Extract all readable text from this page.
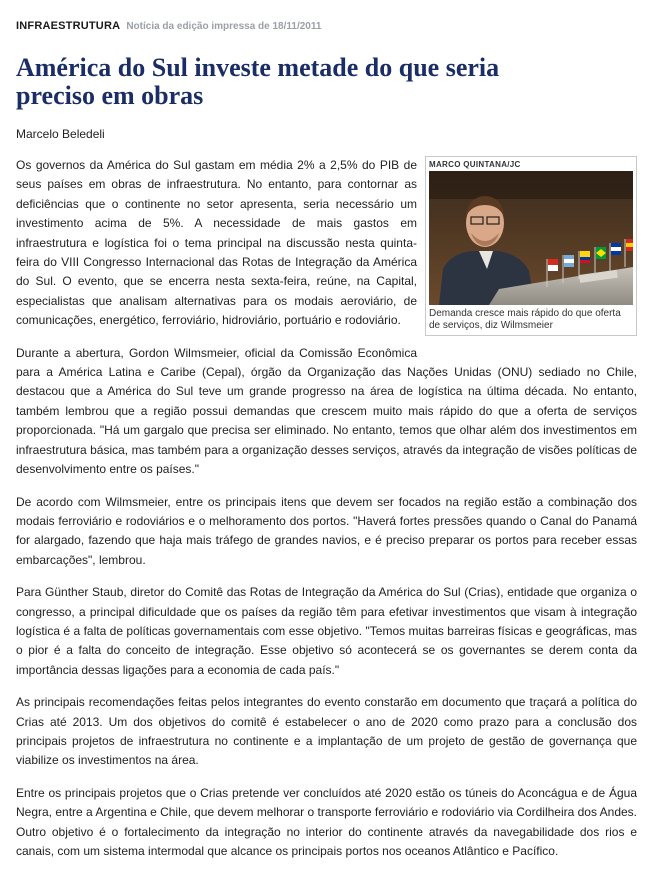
INFRAESTRUTURA Notícia da edição impressa de 18/11/2011
América do Sul investe metade do que seria preciso em obras
Marcelo Beledeli
MARCO QUINTANA/JC
Demanda cresce mais rápido do que oferta de serviços, diz Wilmsmeier

Os governos da América do Sul gastam em média 2% a 2,5% do PIB de seus países em obras de infraestrutura. No entanto, para contornar as deficiências que o continente no setor apresenta, seria necessário um investimento acima de 5%. A necessidade de mais gastos em infraestrutura e logística foi o tema principal na discussão nesta quinta-feira do VIII Congresso Internacional das Rotas de Integração da América do Sul. O evento, que se encerra nesta sexta-feira, reúne, na Capital, especialistas que analisam alternativas para os modais aeroviário, de comunicações, energético, ferroviário, hidroviário, portuário e rodoviário.

Durante a abertura, Gordon Wilmsmeier, oficial da Comissão Econômica para a América Latina e Caribe (Cepal), órgão da Organização das Nações Unidas (ONU) sediado no Chile, destacou que a América do Sul teve um grande progresso na área de logística na última década. No entanto, também lembrou que a região possui demandas que crescem muito mais rápido do que a oferta de serviços proporcionada. "Há um gargalo que precisa ser eliminado. No entanto, temos que olhar além dos investimentos em infraestrutura básica, mas também para a organização desses serviços, através da integração de visões políticas de desenvolvimento entre os países."

De acordo com Wilmsmeier, entre os principais itens que devem ser focados na região estão a combinação dos modais ferroviário e rodoviários e o melhoramento dos portos. "Haverá fortes pressões quando o Canal do Panamá for alargado, fazendo que haja mais tráfego de grandes navios, e é preciso preparar os portos para receber essas embarcações", lembrou.

Para Günther Staub, diretor do Comitê das Rotas de Integração da América do Sul (Crias), entidade que organiza o congresso, a principal dificuldade que os países da região têm para efetivar investimentos que visam à integração logística é a falta de políticas governamentais com esse objetivo. "Temos muitas barreiras físicas e geográficas, mas o pior é a falta do conceito de integração. Esse objetivo só acontecerá se os governantes se derem conta da importância dessas ligações para a economia de cada país."

As principais recomendações feitas pelos integrantes do evento constarão em documento que traçará a política do Crias até 2013. Um dos objetivos do comitê é estabelecer o ano de 2020 como prazo para a conclusão dos principais projetos de infraestrutura no continente e a implantação de um projeto de gestão de governança que viabilize os investimentos na área.

Entre os principais projetos que o Crias pretende ver concluídos até 2020 estão os túneis do Aconcágua e de Água Negra, entre a Argentina e Chile, que devem melhorar o transporte ferroviário e rodoviário via Cordilheira dos Andes. Outro objetivo é o fortalecimento da integração no interior do continente através da navegabilidade dos rios e canais, com um sistema intermodal que alcance os principais portos nos oceanos Atlântico e Pacífico.
